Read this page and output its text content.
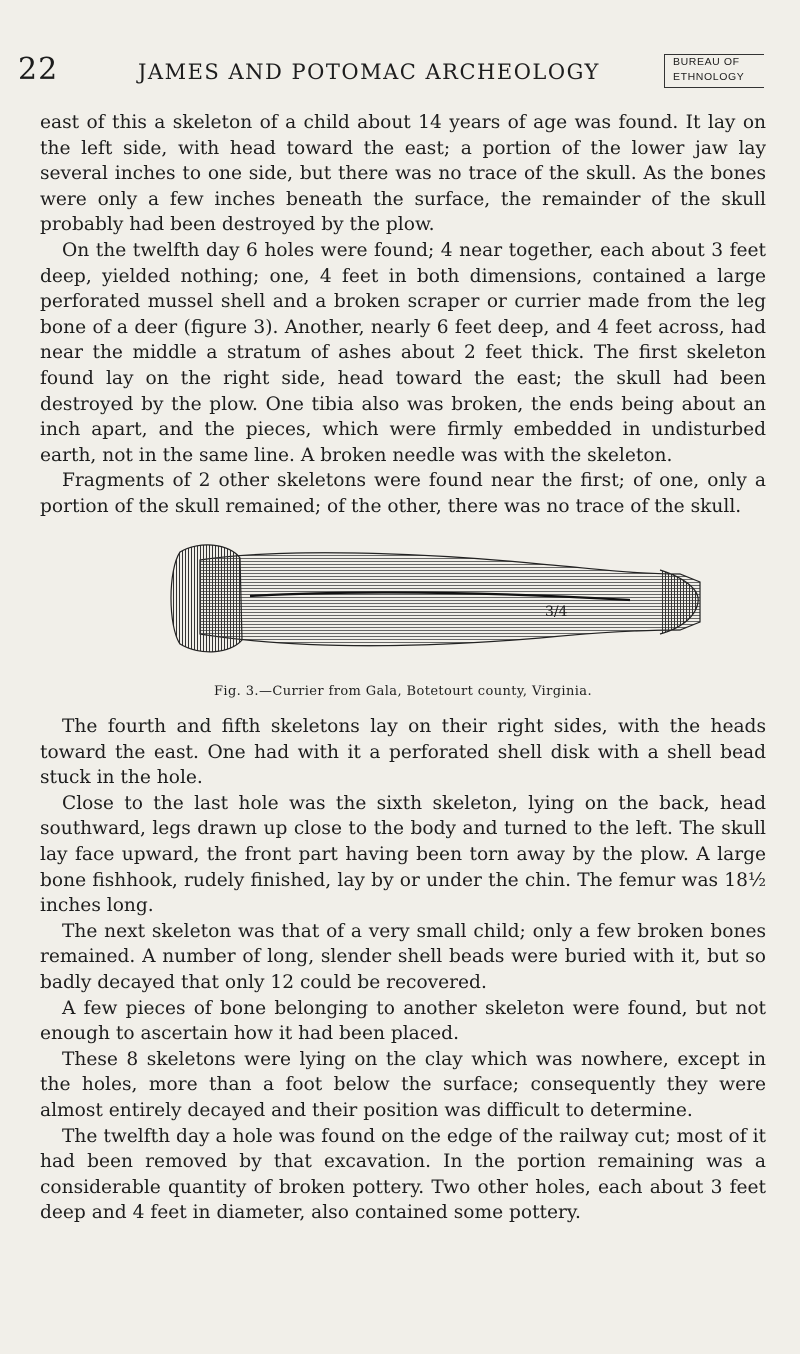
22	JAMES AND POTOMAC ARCHEOLOGY	BUREAU OF
ETHNOLOGY

east of this a skeleton of a child about 14 years of age was found. It lay on the left side, with head toward the east; a portion of the lower jaw lay several inches to one side, but there was no trace of the skull. As the bones were only a few inches beneath the surface, the remainder of the skull probably had been destroyed by the plow.

On the twelfth day 6 holes were found; 4 near together, each about 3 feet deep, yielded nothing; one, 4 feet in both dimensions, contained a large perforated mussel shell and a broken scraper or currier made from the leg bone of a deer (figure 3). Another, nearly 6 feet deep, and 4 feet across, had near the middle a stratum of ashes about 2 feet thick. The first skeleton found lay on the right side, head toward the east; the skull had been destroyed by the plow. One tibia also was broken, the ends being about an inch apart, and the pieces, which were firmly embedded in undisturbed earth, not in the same line. A broken needle was with the skeleton.

Fragments of 2 other skeletons were found near the first; of one, only a portion of the skull remained; of the other, there was no trace of the skull.

3/4
Fig. 3.—Currier from Gala, Botetourt county, Virginia.

The fourth and fifth skeletons lay on their right sides, with the heads toward the east. One had with it a perforated shell disk with a shell bead stuck in the hole.

Close to the last hole was the sixth skeleton, lying on the back, head southward, legs drawn up close to the body and turned to the left. The skull lay face upward, the front part having been torn away by the plow. A large bone fishhook, rudely finished, lay by or under the chin. The femur was 18½ inches long.

The next skeleton was that of a very small child; only a few broken bones remained. A number of long, slender shell beads were buried with it, but so badly decayed that only 12 could be recovered.

A few pieces of bone belonging to another skeleton were found, but not enough to ascertain how it had been placed.

These 8 skeletons were lying on the clay which was nowhere, except in the holes, more than a foot below the surface; consequently they were almost entirely decayed and their position was difficult to determine.

The twelfth day a hole was found on the edge of the railway cut; most of it had been removed by that excavation. In the portion remaining was a considerable quantity of broken pottery. Two other holes, each about 3 feet deep and 4 feet in diameter, also contained some pottery.
